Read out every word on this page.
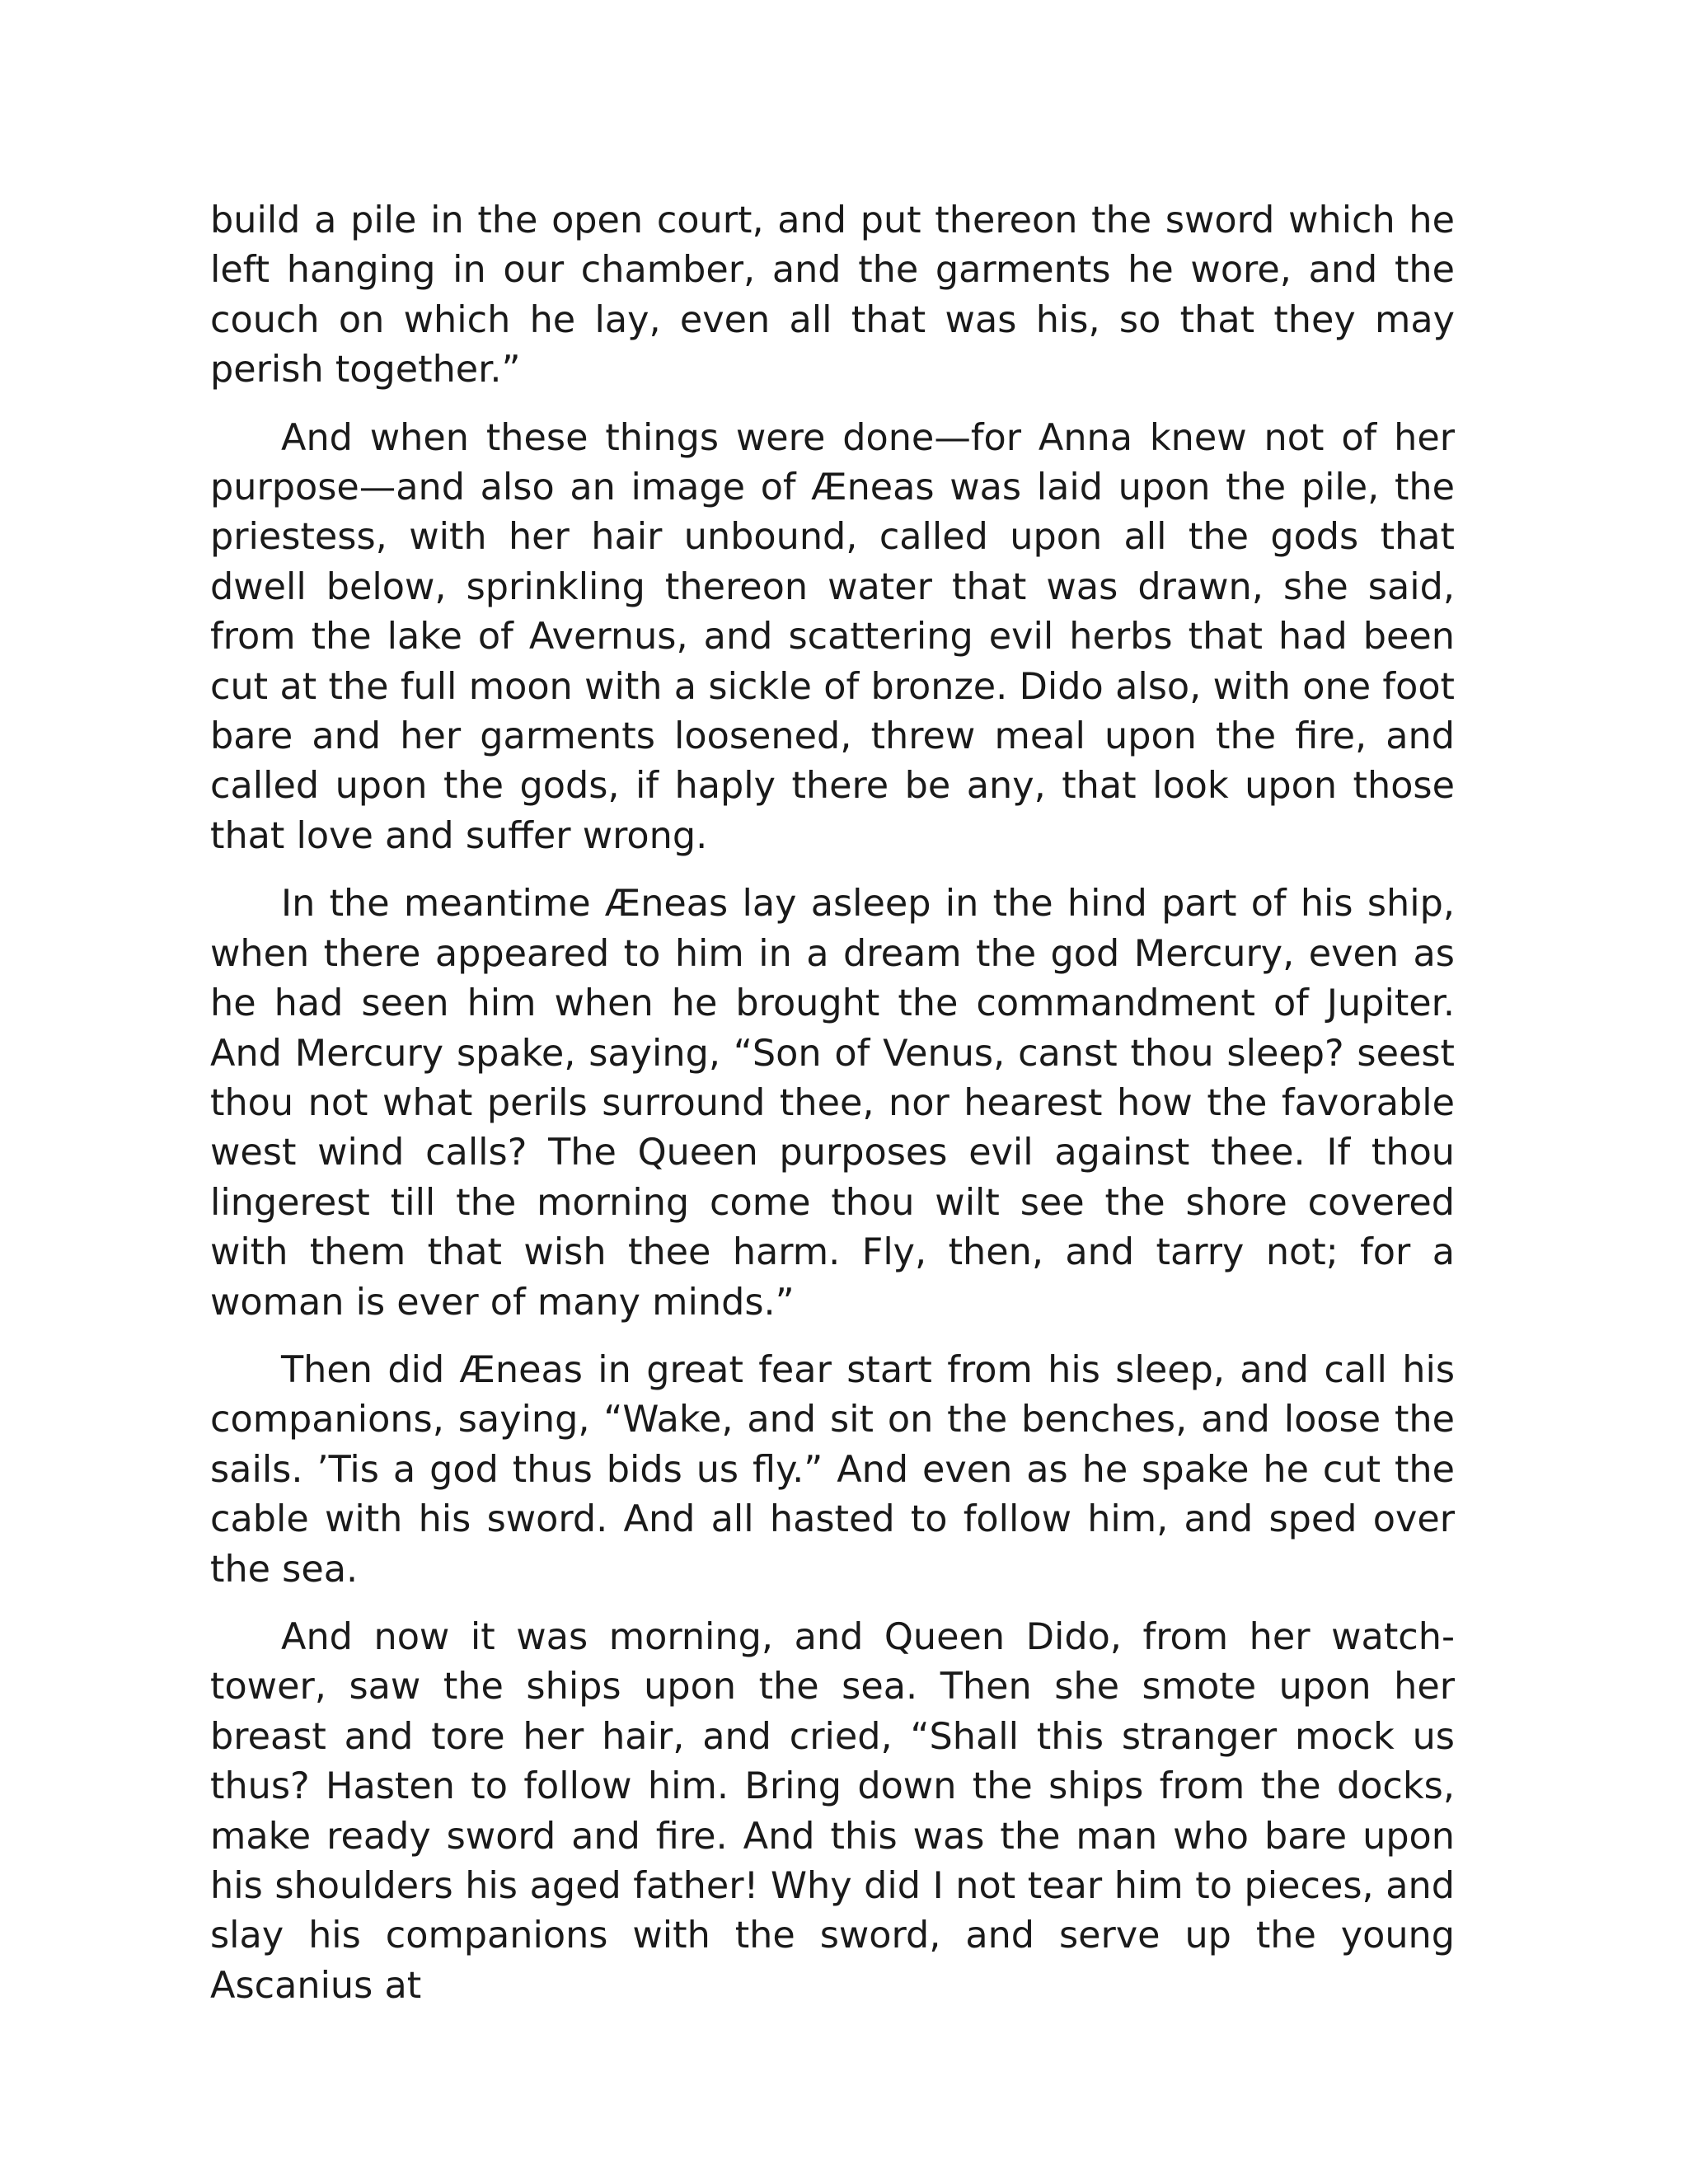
build a pile in the open court, and put thereon the sword which he left hanging in our chamber, and the garments he wore, and the couch on which he lay, even all that was his, so that they may perish together.”

And when these things were done—for Anna knew not of her purpose—and also an image of Æneas was laid upon the pile, the priestess, with her hair unbound, called upon all the gods that dwell below, sprinkling thereon water that was drawn, she said, from the lake of Avernus, and scattering evil herbs that had been cut at the full moon with a sickle of bronze. Dido also, with one foot bare and her garments loosened, threw meal upon the fire, and called upon the gods, if haply there be any, that look upon those that love and suffer wrong.

In the meantime Æneas lay asleep in the hind part of his ship, when there appeared to him in a dream the god Mercury, even as he had seen him when he brought the commandment of Jupiter. And Mercury spake, saying, “Son of Venus, canst thou sleep? seest thou not what perils surround thee, nor hearest how the favorable west wind calls? The Queen purposes evil against thee. If thou lingerest till the morning come thou wilt see the shore covered with them that wish thee harm. Fly, then, and tarry not; for a woman is ever of many minds.”

Then did Æneas in great fear start from his sleep, and call his companions, saying, “Wake, and sit on the benches, and loose the sails. ’Tis a god thus bids us fly.” And even as he spake he cut the cable with his sword. And all hasted to follow him, and sped over the sea.

And now it was morning, and Queen Dido, from her watch-tower, saw the ships upon the sea. Then she smote upon her breast and tore her hair, and cried, “Shall this stranger mock us thus? Hasten to follow him. Bring down the ships from the docks, make ready sword and fire. And this was the man who bare upon his shoulders his aged father! Why did I not tear him to pieces, and slay his companions with the sword, and serve up the young Ascanius at
